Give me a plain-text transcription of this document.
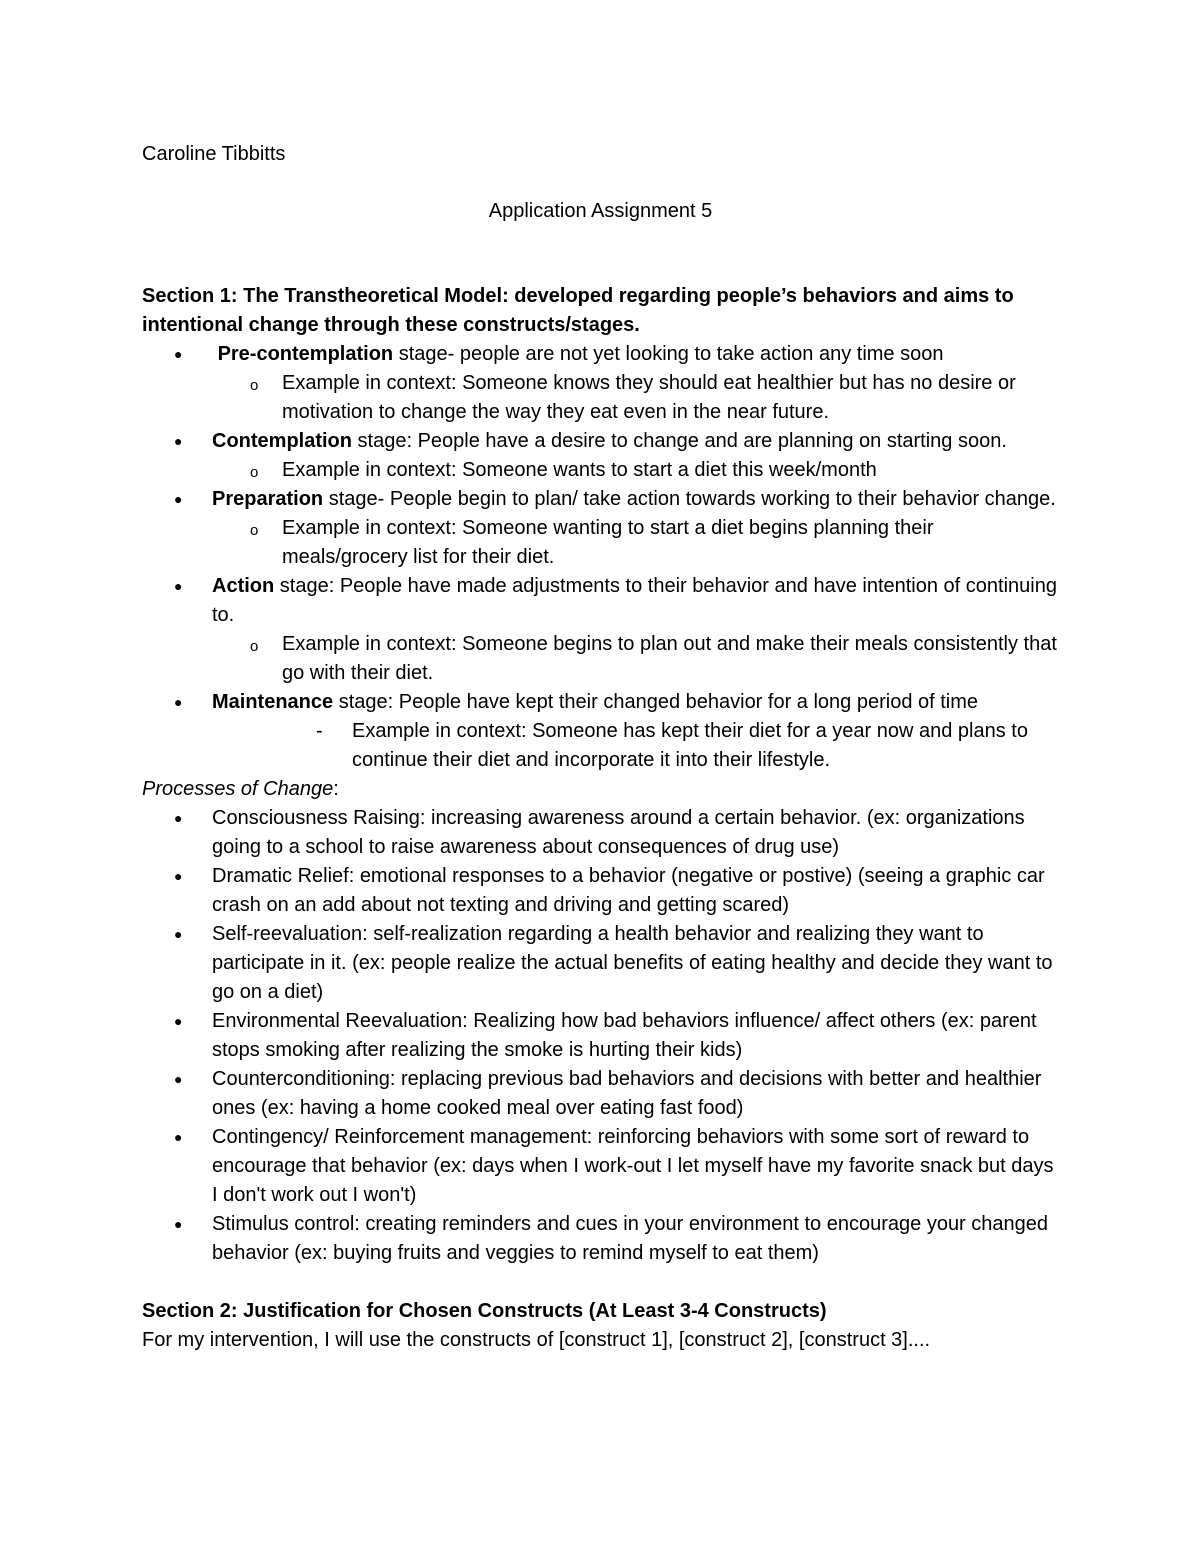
Caroline Tibbitts

Application Assignment 5

Section 1: The Transtheoretical Model: developed regarding people’s behaviors and aims to intentional change through these constructs/stages.

● Pre-contemplation stage- people are not yet looking to take action any time soon
o Example in context: Someone knows they should eat healthier but has no desire or motivation to change the way they eat even in the near future.
● Contemplation stage: People have a desire to change and are planning on starting soon.
o Example in context: Someone wants to start a diet this week/month
● Preparation stage- People begin to plan/ take action towards working to their behavior change.
o Example in context: Someone wanting to start a diet begins planning their meals/grocery list for their diet.
● Action stage: People have made adjustments to their behavior and have intention of continuing to.
o Example in context: Someone begins to plan out and make their meals consistently that go with their diet.
● Maintenance stage: People have kept their changed behavior for a long period of time
- Example in context: Someone has kept their diet for a year now and plans to continue their diet and incorporate it into their lifestyle.

Processes of Change:

● Consciousness Raising: increasing awareness around a certain behavior. (ex: organizations going to a school to raise awareness about consequences of drug use)
● Dramatic Relief: emotional responses to a behavior (negative or postive) (seeing a graphic car crash on an add about not texting and driving and getting scared)
● Self-reevaluation: self-realization regarding a health behavior and realizing they want to participate in it. (ex: people realize the actual benefits of eating healthy and decide they want to go on a diet)
● Environmental Reevaluation: Realizing how bad behaviors influence/ affect others (ex: parent stops smoking after realizing the smoke is hurting their kids)
● Counterconditioning: replacing previous bad behaviors and decisions with better and healthier ones (ex: having a home cooked meal over eating fast food)
● Contingency/ Reinforcement management: reinforcing behaviors with some sort of reward to encourage that behavior (ex: days when I work-out I let myself have my favorite snack but days I don't work out I won't)
● Stimulus control: creating reminders and cues in your environment to encourage your changed behavior (ex: buying fruits and veggies to remind myself to eat them)

Section 2: Justification for Chosen Constructs (At Least 3-4 Constructs)

For my intervention, I will use the constructs of [construct 1], [construct 2], [construct 3]....
